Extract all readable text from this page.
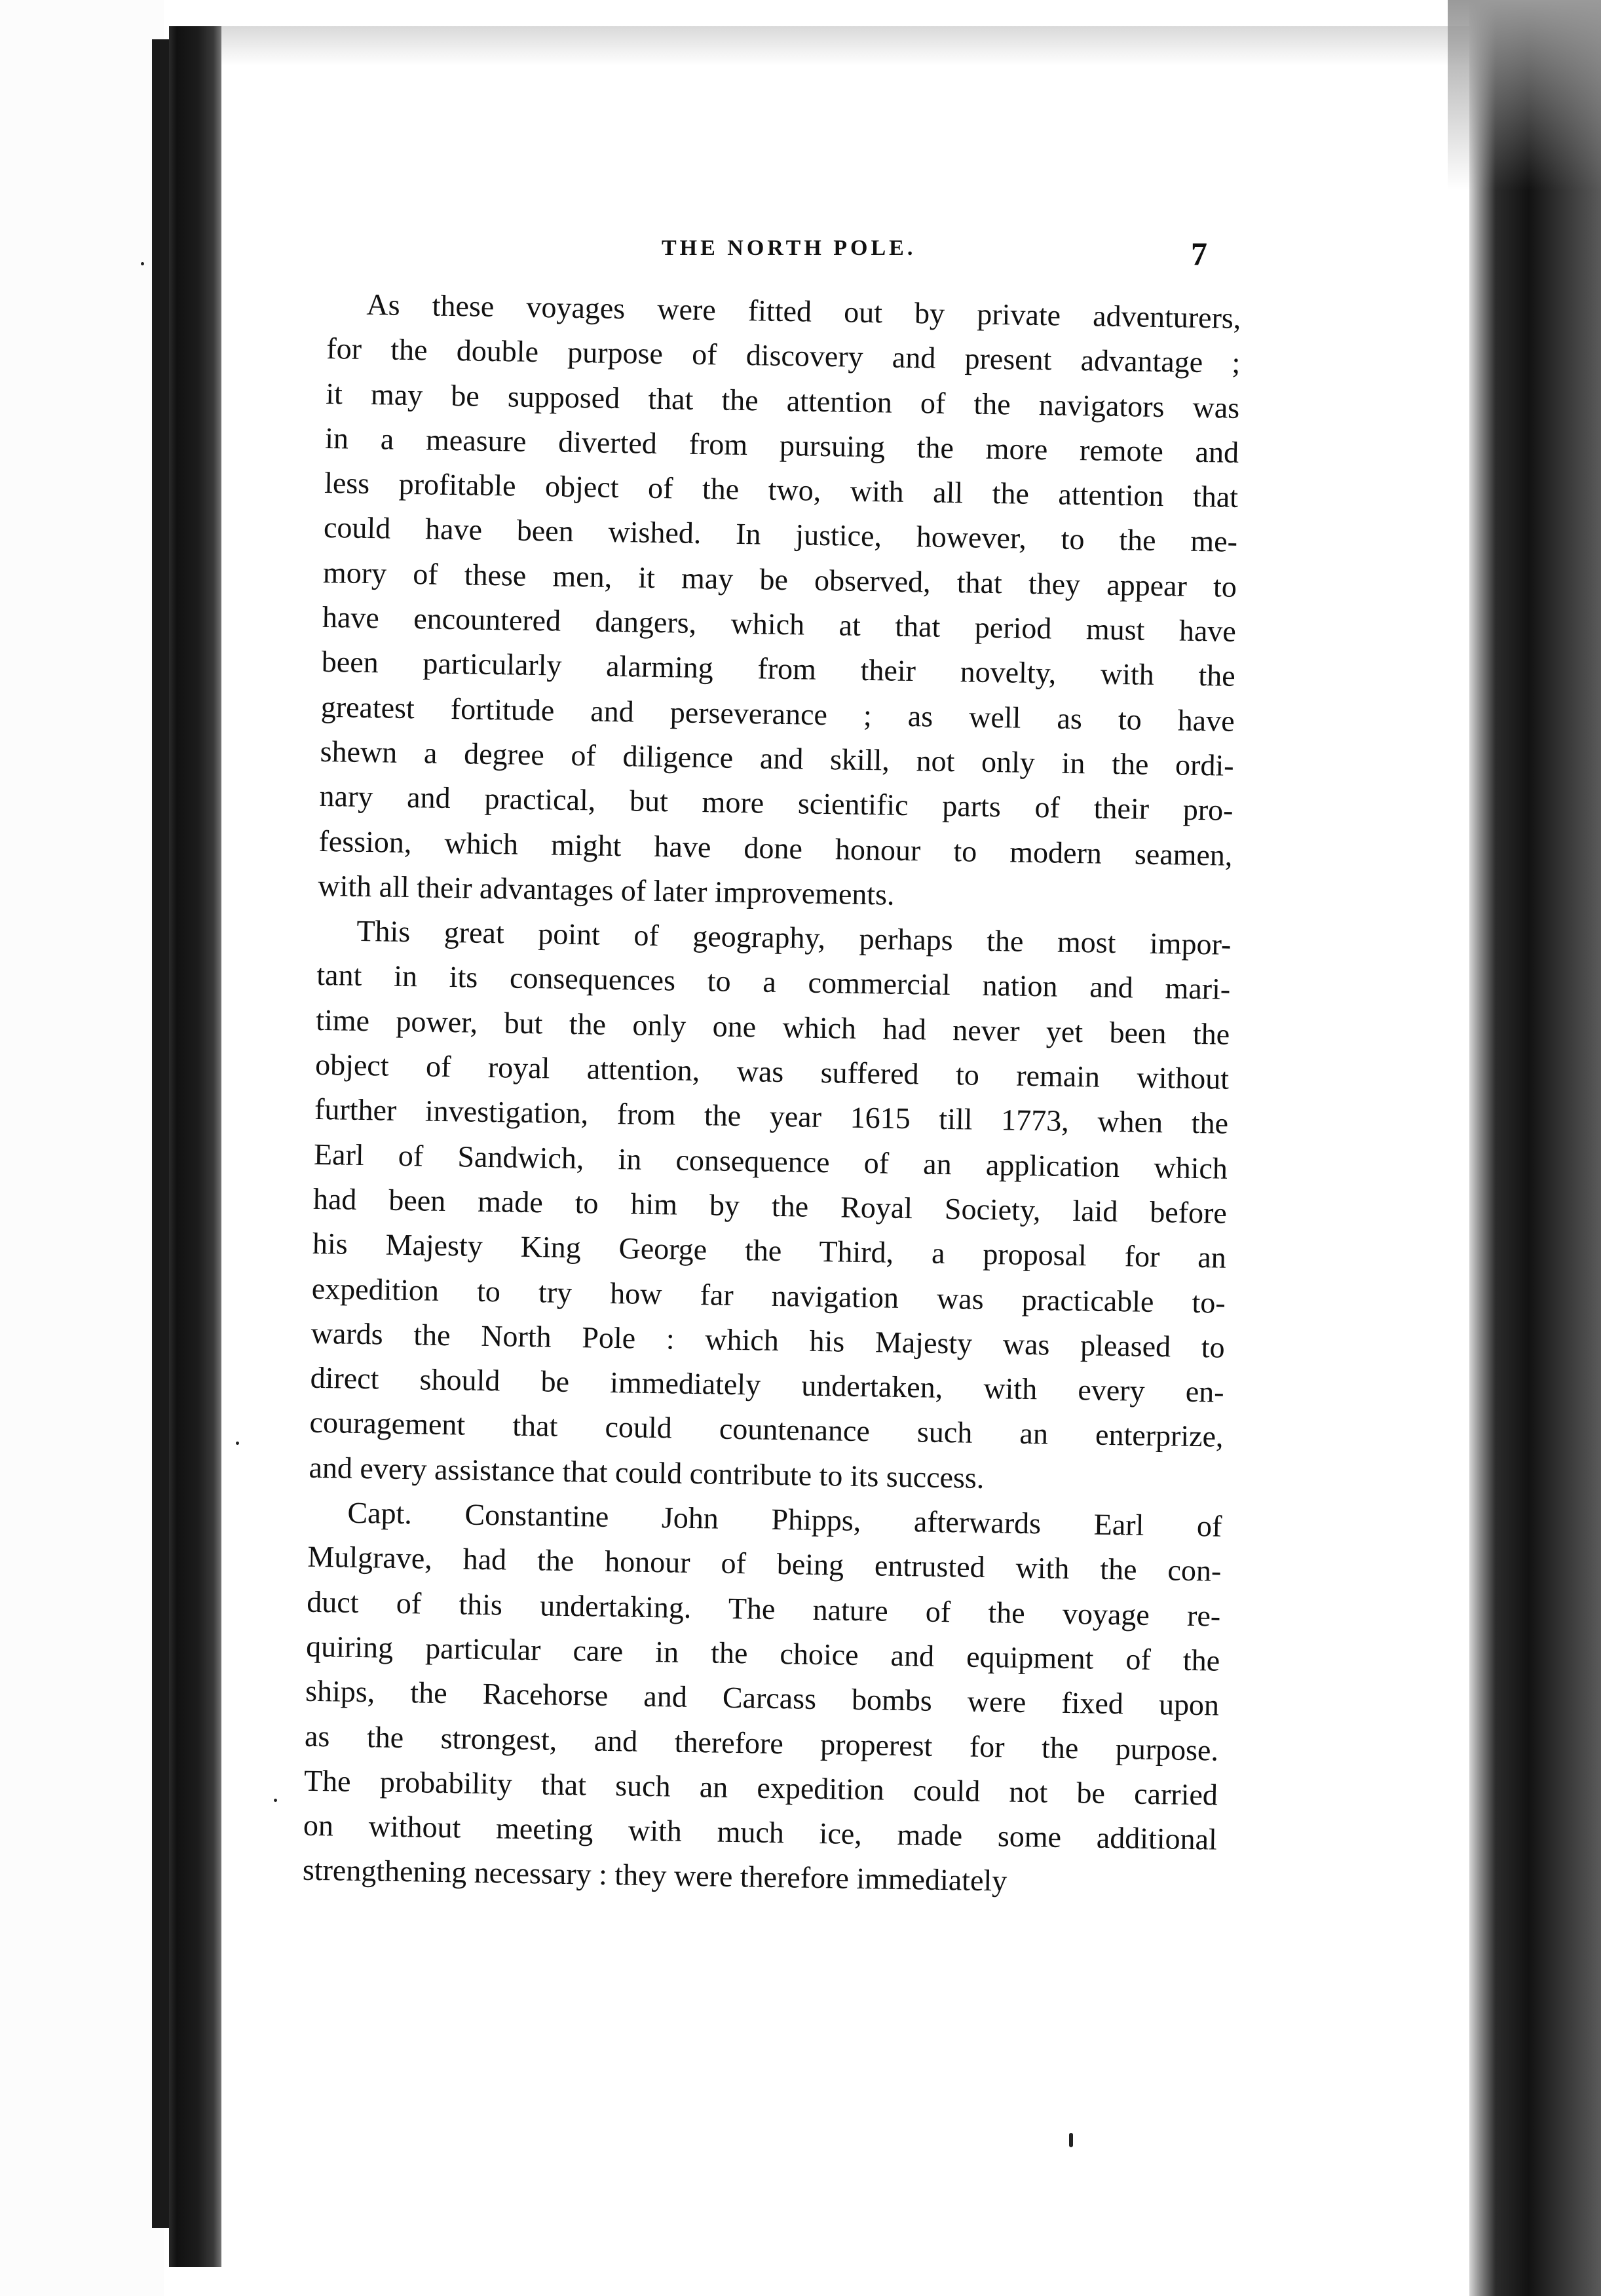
THE NORTH POLE.	7
As these voyages were fitted out by private adventurers,
for the double purpose of discovery and present advantage ;
it may be supposed that the attention of the navigators was
in a measure diverted from pursuing the more remote and
less profitable object of the two, with all the attention that
could have been wished. In justice, however, to the me-
mory of these men, it may be observed, that they appear to
have encountered dangers, which at that period must have
been particularly alarming from their novelty, with the
greatest fortitude and perseverance ; as well as to have
shewn a degree of diligence and skill, not only in the ordi-
nary and practical, but more scientific parts of their pro-
fession, which might have done honour to modern seamen,
with all their advantages of later improvements.
This great point of geography, perhaps the most impor-
tant in its consequences to a commercial nation and mari-
time power, but the only one which had never yet been the
object of royal attention, was suffered to remain without
further investigation, from the year 1615 till 1773, when the
Earl of Sandwich, in consequence of an application which
had been made to him by the Royal Society, laid before
his Majesty King George the Third, a proposal for an
expedition to try how far navigation was practicable to-
wards the North Pole : which his Majesty was pleased to
direct should be immediately undertaken, with every en-
couragement that could countenance such an enterprize,
and every assistance that could contribute to its success.
Capt. Constantine John Phipps, afterwards Earl of
Mulgrave, had the honour of being entrusted with the con-
duct of this undertaking. The nature of the voyage re-
quiring particular care in the choice and equipment of the
ships, the Racehorse and Carcass bombs were fixed upon
as the strongest, and therefore properest for the purpose.
The probability that such an expedition could not be carried
on without meeting with much ice, made some additional
strengthening necessary : they were therefore immediately
